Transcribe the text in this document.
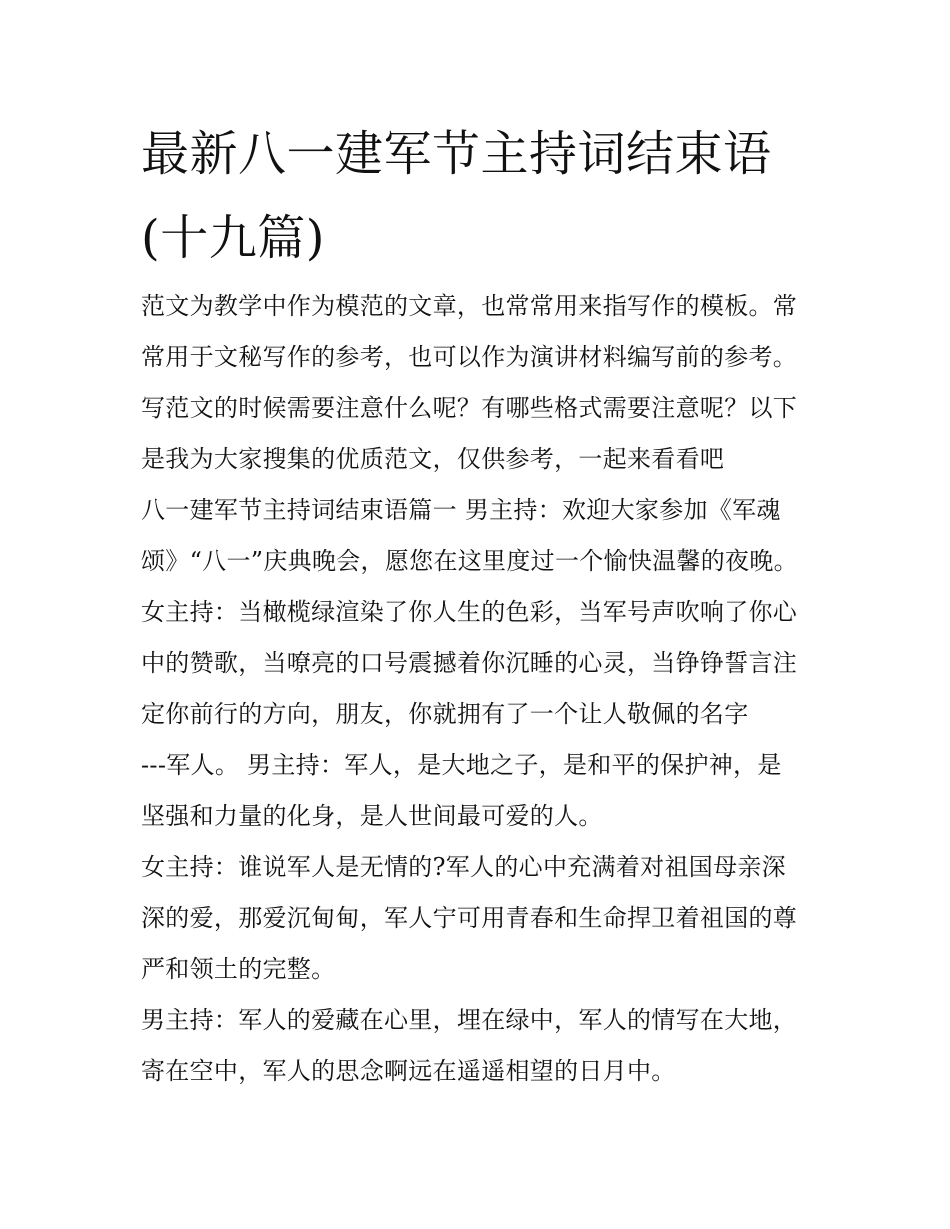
最新八一建军节主持词结束语
(十九篇)
范文为教学中作为模范的文章，也常常用来指写作的模板。常
常用于文秘写作的参考，也可以作为演讲材料编写前的参考。
写范文的时候需要注意什么呢？有哪些格式需要注意呢？以下
是我为大家搜集的优质范文，仅供参考，一起来看看吧
八一建军节主持词结束语篇一 男主持：欢迎大家参加《军魂
颂》“八一”庆典晚会，愿您在这里度过一个愉快温馨的夜晚。
女主持：当橄榄绿渲染了你人生的色彩，当军号声吹响了你心
中的赞歌，当嘹亮的口号震撼着你沉睡的心灵，当铮铮誓言注
定你前行的方向，朋友，你就拥有了一个让人敬佩的名字
---军人。 男主持：军人，是大地之子，是和平的保护神，是
坚强和力量的化身，是人世间最可爱的人。
女主持：谁说军人是无情的?军人的心中充满着对祖国母亲深
深的爱，那爱沉甸甸，军人宁可用青春和生命捍卫着祖国的尊
严和领土的完整。
男主持：军人的爱藏在心里，埋在绿中，军人的情写在大地，
寄在空中，军人的思念啊远在遥遥相望的日月中。
